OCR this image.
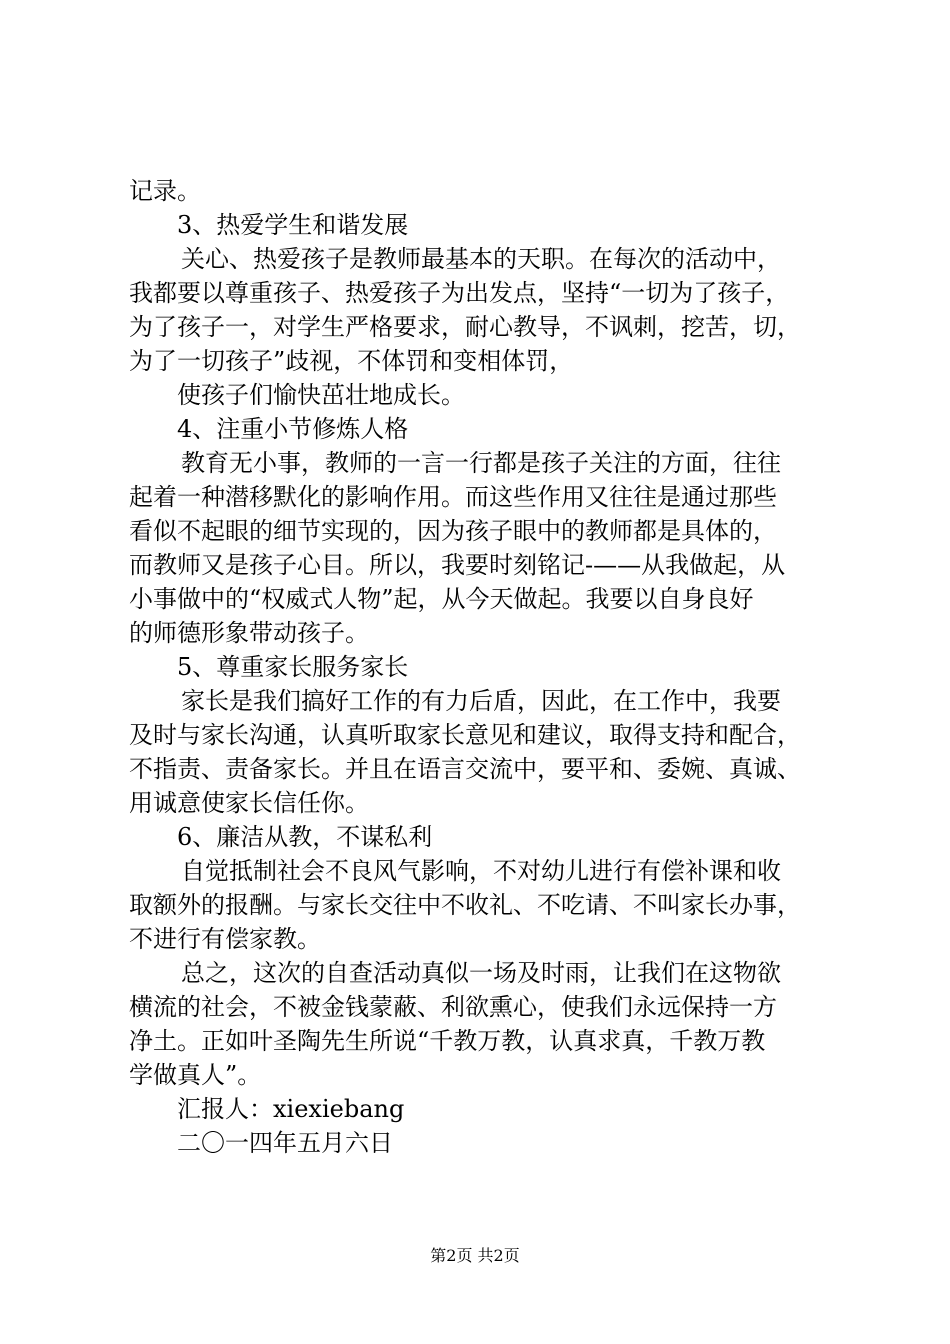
记录。
3、热爱学生和谐发展
关心、热爱孩子是教师最基本的天职。在每次的活动中，
我都要以尊重孩子、热爱孩子为出发点，坚持“一切为了孩子，
为了孩子一，对学生严格要求，耐心教导，不讽刺，挖苦，切，
为了一切孩子”歧视，不体罚和变相体罚，
使孩子们愉快茁壮地成长。
4、注重小节修炼人格
教育无小事，教师的一言一行都是孩子关注的方面，往往
起着一种潜移默化的影响作用。而这些作用又往往是通过那些
看似不起眼的细节实现的，因为孩子眼中的教师都是具体的，
而教师又是孩子心目。所以，我要时刻铭记-——从我做起，从
小事做中的“权威式人物”起，从今天做起。我要以自身良好
的师德形象带动孩子。
5、尊重家长服务家长
家长是我们搞好工作的有力后盾，因此，在工作中，我要
及时与家长沟通，认真听取家长意见和建议，取得支持和配合，
不指责、责备家长。并且在语言交流中，要平和、委婉、真诚、
用诚意使家长信任你。
6、廉洁从教，不谋私利
自觉抵制社会不良风气影响，不对幼儿进行有偿补课和收
取额外的报酬。与家长交往中不收礼、不吃请、不叫家长办事，
不进行有偿家教。
总之，这次的自查活动真似一场及时雨，让我们在这物欲
横流的社会，不被金钱蒙蔽、利欲熏心，使我们永远保持一方
净土。正如叶圣陶先生所说“千教万教，认真求真，千教万教
学做真人”。
汇报人：xiexiebang
二〇一四年五月六日
第2页 共2页
